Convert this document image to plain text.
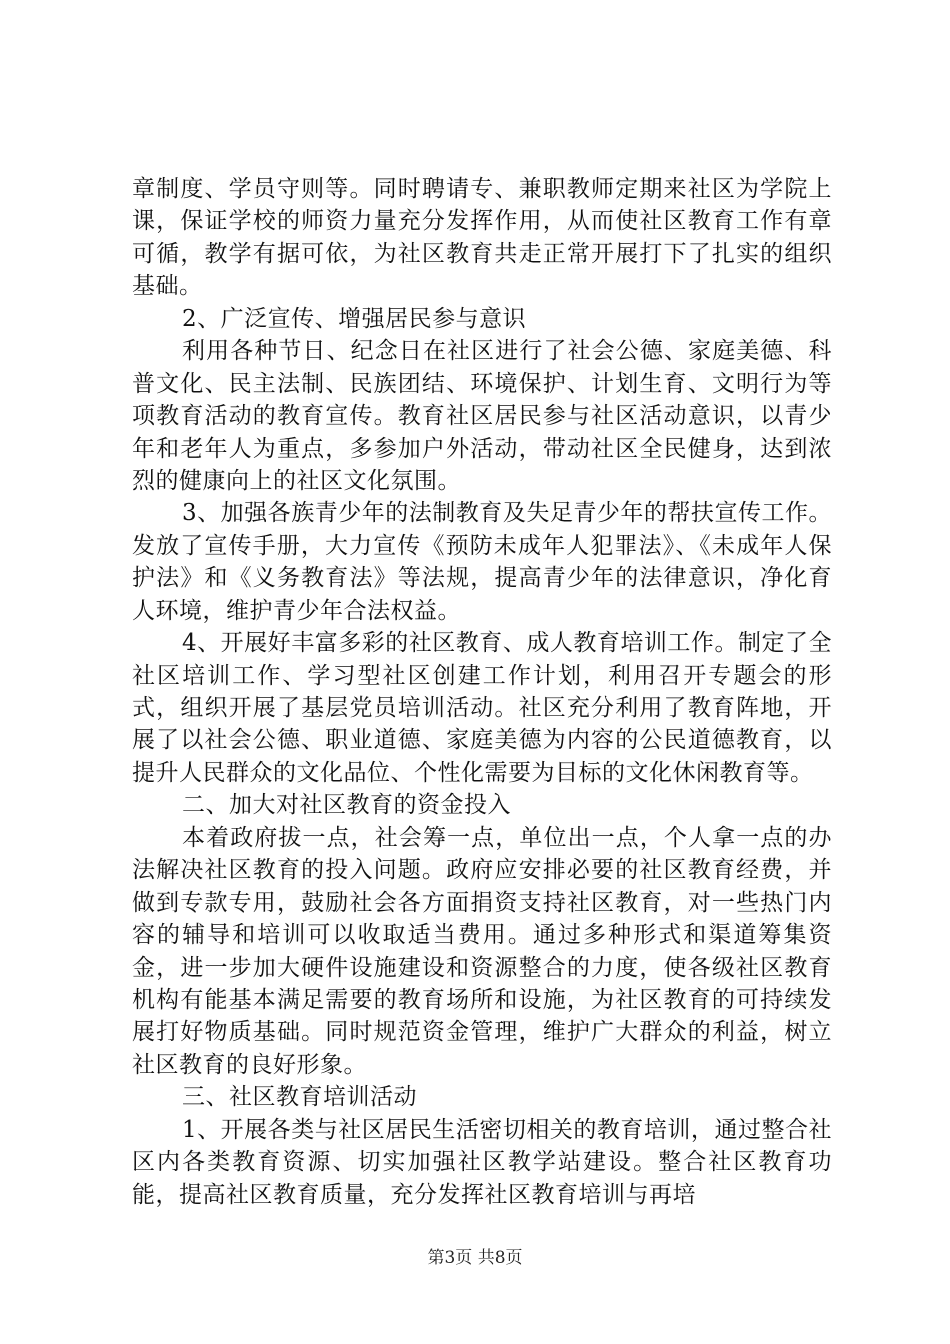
章制度、学员守则等。同时聘请专、兼职教师定期来社区为学院上课，保证学校的师资力量充分发挥作用，从而使社区教育工作有章可循，教学有据可依，为社区教育共走正常开展打下了扎实的组织基础。

2、广泛宣传、增强居民参与意识

利用各种节日、纪念日在社区进行了社会公德、家庭美德、科普文化、民主法制、民族团结、环境保护、计划生育、文明行为等项教育活动的教育宣传。教育社区居民参与社区活动意识，以青少年和老年人为重点，多参加户外活动，带动社区全民健身，达到浓烈的健康向上的社区文化氛围。

3、加强各族青少年的法制教育及失足青少年的帮扶宣传工作。发放了宣传手册，大力宣传《预防未成年人犯罪法》、《未成年人保护法》和《义务教育法》等法规，提高青少年的法律意识，净化育人环境，维护青少年合法权益。

4、开展好丰富多彩的社区教育、成人教育培训工作。制定了全社区培训工作、学习型社区创建工作计划，利用召开专题会的形式，组织开展了基层党员培训活动。社区充分利用了教育阵地，开展了以社会公德、职业道德、家庭美德为内容的公民道德教育，以提升人民群众的文化品位、个性化需要为目标的文化休闲教育等。

二、加大对社区教育的资金投入

本着政府拔一点，社会筹一点，单位出一点，个人拿一点的办法解决社区教育的投入问题。政府应安排必要的社区教育经费，并做到专款专用，鼓励社会各方面捐资支持社区教育，对一些热门内容的辅导和培训可以收取适当费用。通过多种形式和渠道筹集资金，进一步加大硬件设施建设和资源整合的力度，使各级社区教育机构有能基本满足需要的教育场所和设施，为社区教育的可持续发展打好物质基础。同时规范资金管理，维护广大群众的利益，树立社区教育的良好形象。

三、社区教育培训活动

1、开展各类与社区居民生活密切相关的教育培训，通过整合社区内各类教育资源、切实加强社区教学站建设。整合社区教育功能，提高社区教育质量，充分发挥社区教育培训与再培

第3页 共8页
